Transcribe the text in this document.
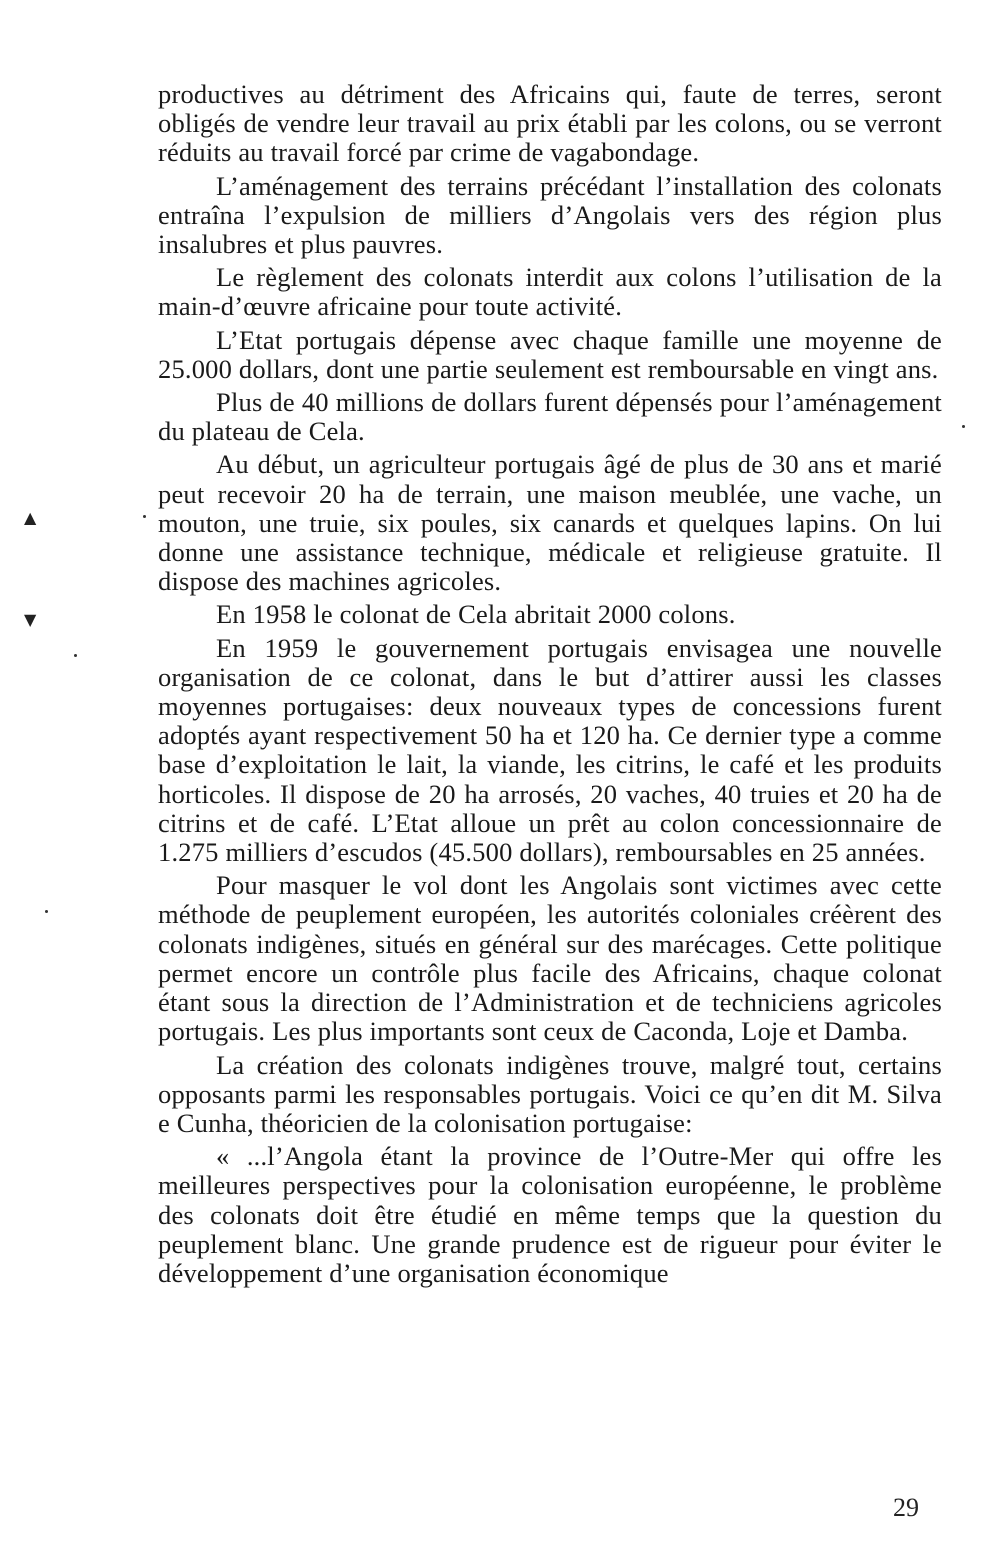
productives au détriment des Africains qui, faute de terres, seront obligés de vendre leur travail au prix établi par les colons, ou se verront réduits au travail forcé par crime de vagabondage.

L’aménagement des terrains précédant l’installation des colonats entraîna l’expulsion de milliers d’Angolais vers des région plus insalubres et plus pauvres.

Le règlement des colonats interdit aux colons l’utilisation de la main-d’œuvre africaine pour toute activité.

L’Etat portugais dépense avec chaque famille une moyenne de 25.000 dollars, dont une partie seulement est remboursable en vingt ans.

Plus de 40 millions de dollars furent dépensés pour l’aménagement du plateau de Cela.

Au début, un agriculteur portugais âgé de plus de 30 ans et marié peut recevoir 20 ha de terrain, une maison meublée, une vache, un mouton, une truie, six poules, six canards et quelques lapins. On lui donne une assistance technique, médicale et religieuse gratuite. Il dispose des machines agricoles.

En 1958 le colonat de Cela abritait 2000 colons.

En 1959 le gouvernement portugais envisagea une nouvelle organisation de ce colonat, dans le but d’attirer aussi les classes moyennes portugaises: deux nouveaux types de concessions furent adoptés ayant respectivement 50 ha et 120 ha. Ce dernier type a comme base d’exploitation le lait, la viande, les citrins, le café et les produits horticoles. Il dispose de 20 ha arrosés, 20 vaches, 40 truies et 20 ha de citrins et de café. L’Etat alloue un prêt au colon concessionnaire de 1.275 milliers d’escudos (45.500 dollars), remboursables en 25 années.

Pour masquer le vol dont les Angolais sont victimes avec cette méthode de peuplement européen, les autorités coloniales créèrent des colonats indigènes, situés en général sur des marécages. Cette politique permet encore un contrôle plus facile des Africains, chaque colonat étant sous la direction de l’Administration et de techniciens agricoles portugais. Les plus importants sont ceux de Caconda, Loje et Damba.

La création des colonats indigènes trouve, malgré tout, certains opposants parmi les responsables portugais. Voici ce qu’en dit M. Silva e Cunha, théoricien de la colonisation portugaise:

« ...l’Angola étant la province de l’Outre-Mer qui offre les meilleures perspectives pour la colonisation européenne, le problème des colonats doit être étudié en même temps que la question du peuplement blanc. Une grande prudence est de rigueur pour éviter le développement d’une organisation économique

▲
▼
29
